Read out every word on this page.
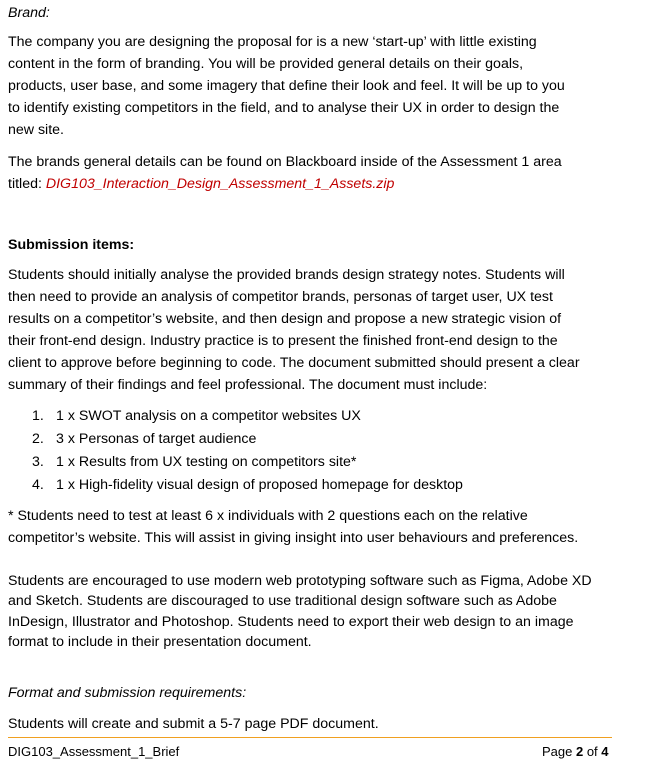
Brand:

The company you are designing the proposal for is a new ‘start-up’ with little existing
content in the form of branding. You will be provided general details on their goals,
products, user base, and some imagery that define their look and feel. It will be up to you
to identify existing competitors in the field, and to analyse their UX in order to design the
new site.

The brands general details can be found on Blackboard inside of the Assessment 1 area
titled: DIG103_Interaction_Design_Assessment_1_Assets.zip

Submission items:

Students should initially analyse the provided brands design strategy notes. Students will
then need to provide an analysis of competitor brands, personas of target user, UX test
results on a competitor’s website, and then design and propose a new strategic vision of
their front-end design. Industry practice is to present the finished front-end design to the
client to approve before beginning to code. The document submitted should present a clear
summary of their findings and feel professional. The document must include:

1. 1 x SWOT analysis on a competitor websites UX
2. 3 x Personas of target audience
3. 1 x Results from UX testing on competitors site*
4. 1 x High-fidelity visual design of proposed homepage for desktop

* Students need to test at least 6 x individuals with 2 questions each on the relative
competitor’s website. This will assist in giving insight into user behaviours and preferences.

Students are encouraged to use modern web prototyping software such as Figma, Adobe XD
and Sketch. Students are discouraged to use traditional design software such as Adobe
InDesign, Illustrator and Photoshop. Students need to export their web design to an image
format to include in their presentation document.

Format and submission requirements:
Students will create and submit a 5-7 page PDF document.
DIG103_Assessment_1_Brief	Page 2 of 4
